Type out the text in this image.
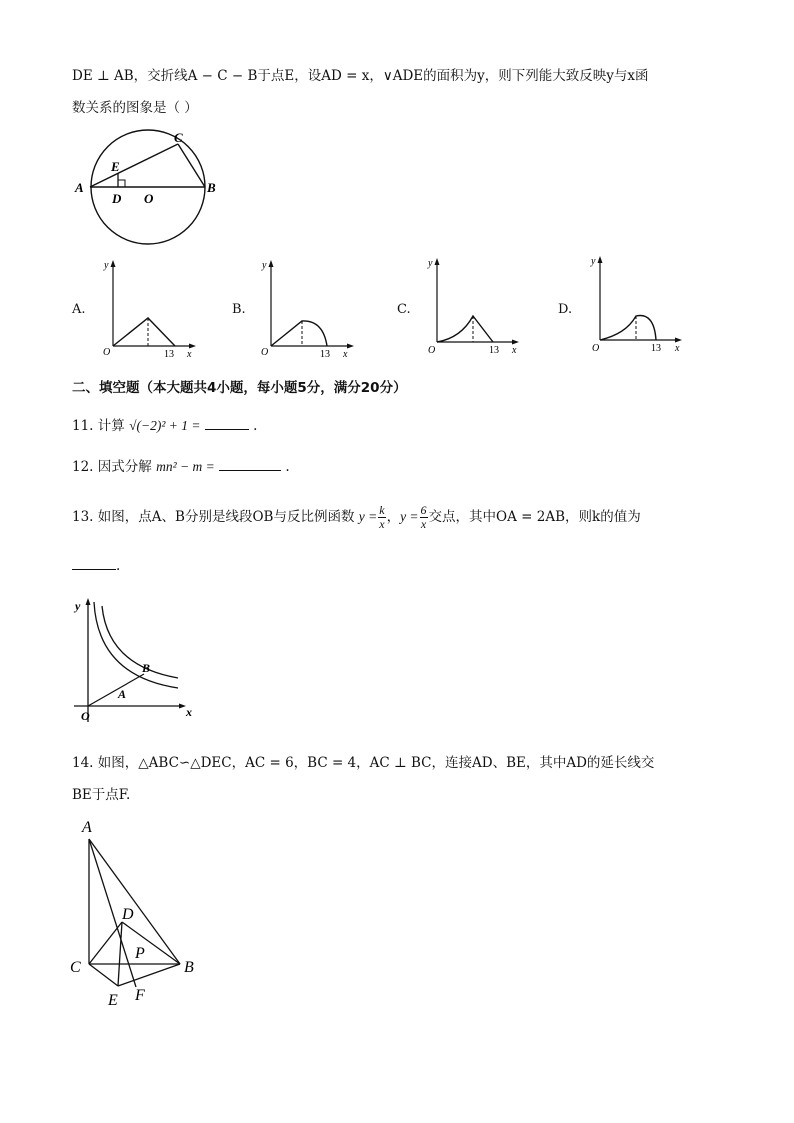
DE ⊥ AB，交折线A − C − B于点E，设AD = x，∨ADE的面积为y，则下列能大致反映y与x函
数关系的图象是（ ）
A	B
C
D
E
O
A.
y
O	13 x
B.
y
O	13 x
C.
y
O	13 x
D.
y
O	13 x
二、填空题（本大题共4小题，每小题5分，满分20分）
11. 计算 √(−2)² + 1 =	.
12. 因式分解 mn² − m =	.
13. 如图，点A、B分别是线段OB与反比例函数 $y = \frac{k}{x}$ ，$y = \frac{6}{x}$ 交点，其中OA = 2AB，则k的值为
.
y
O	x
A
B
14. 如图，△ABC∽△DEC，AC = 6，BC = 4，AC ⊥ BC，连接AD、BE，其中AD的延长线交
BE于点F.
A
C	B
D
P
E F
